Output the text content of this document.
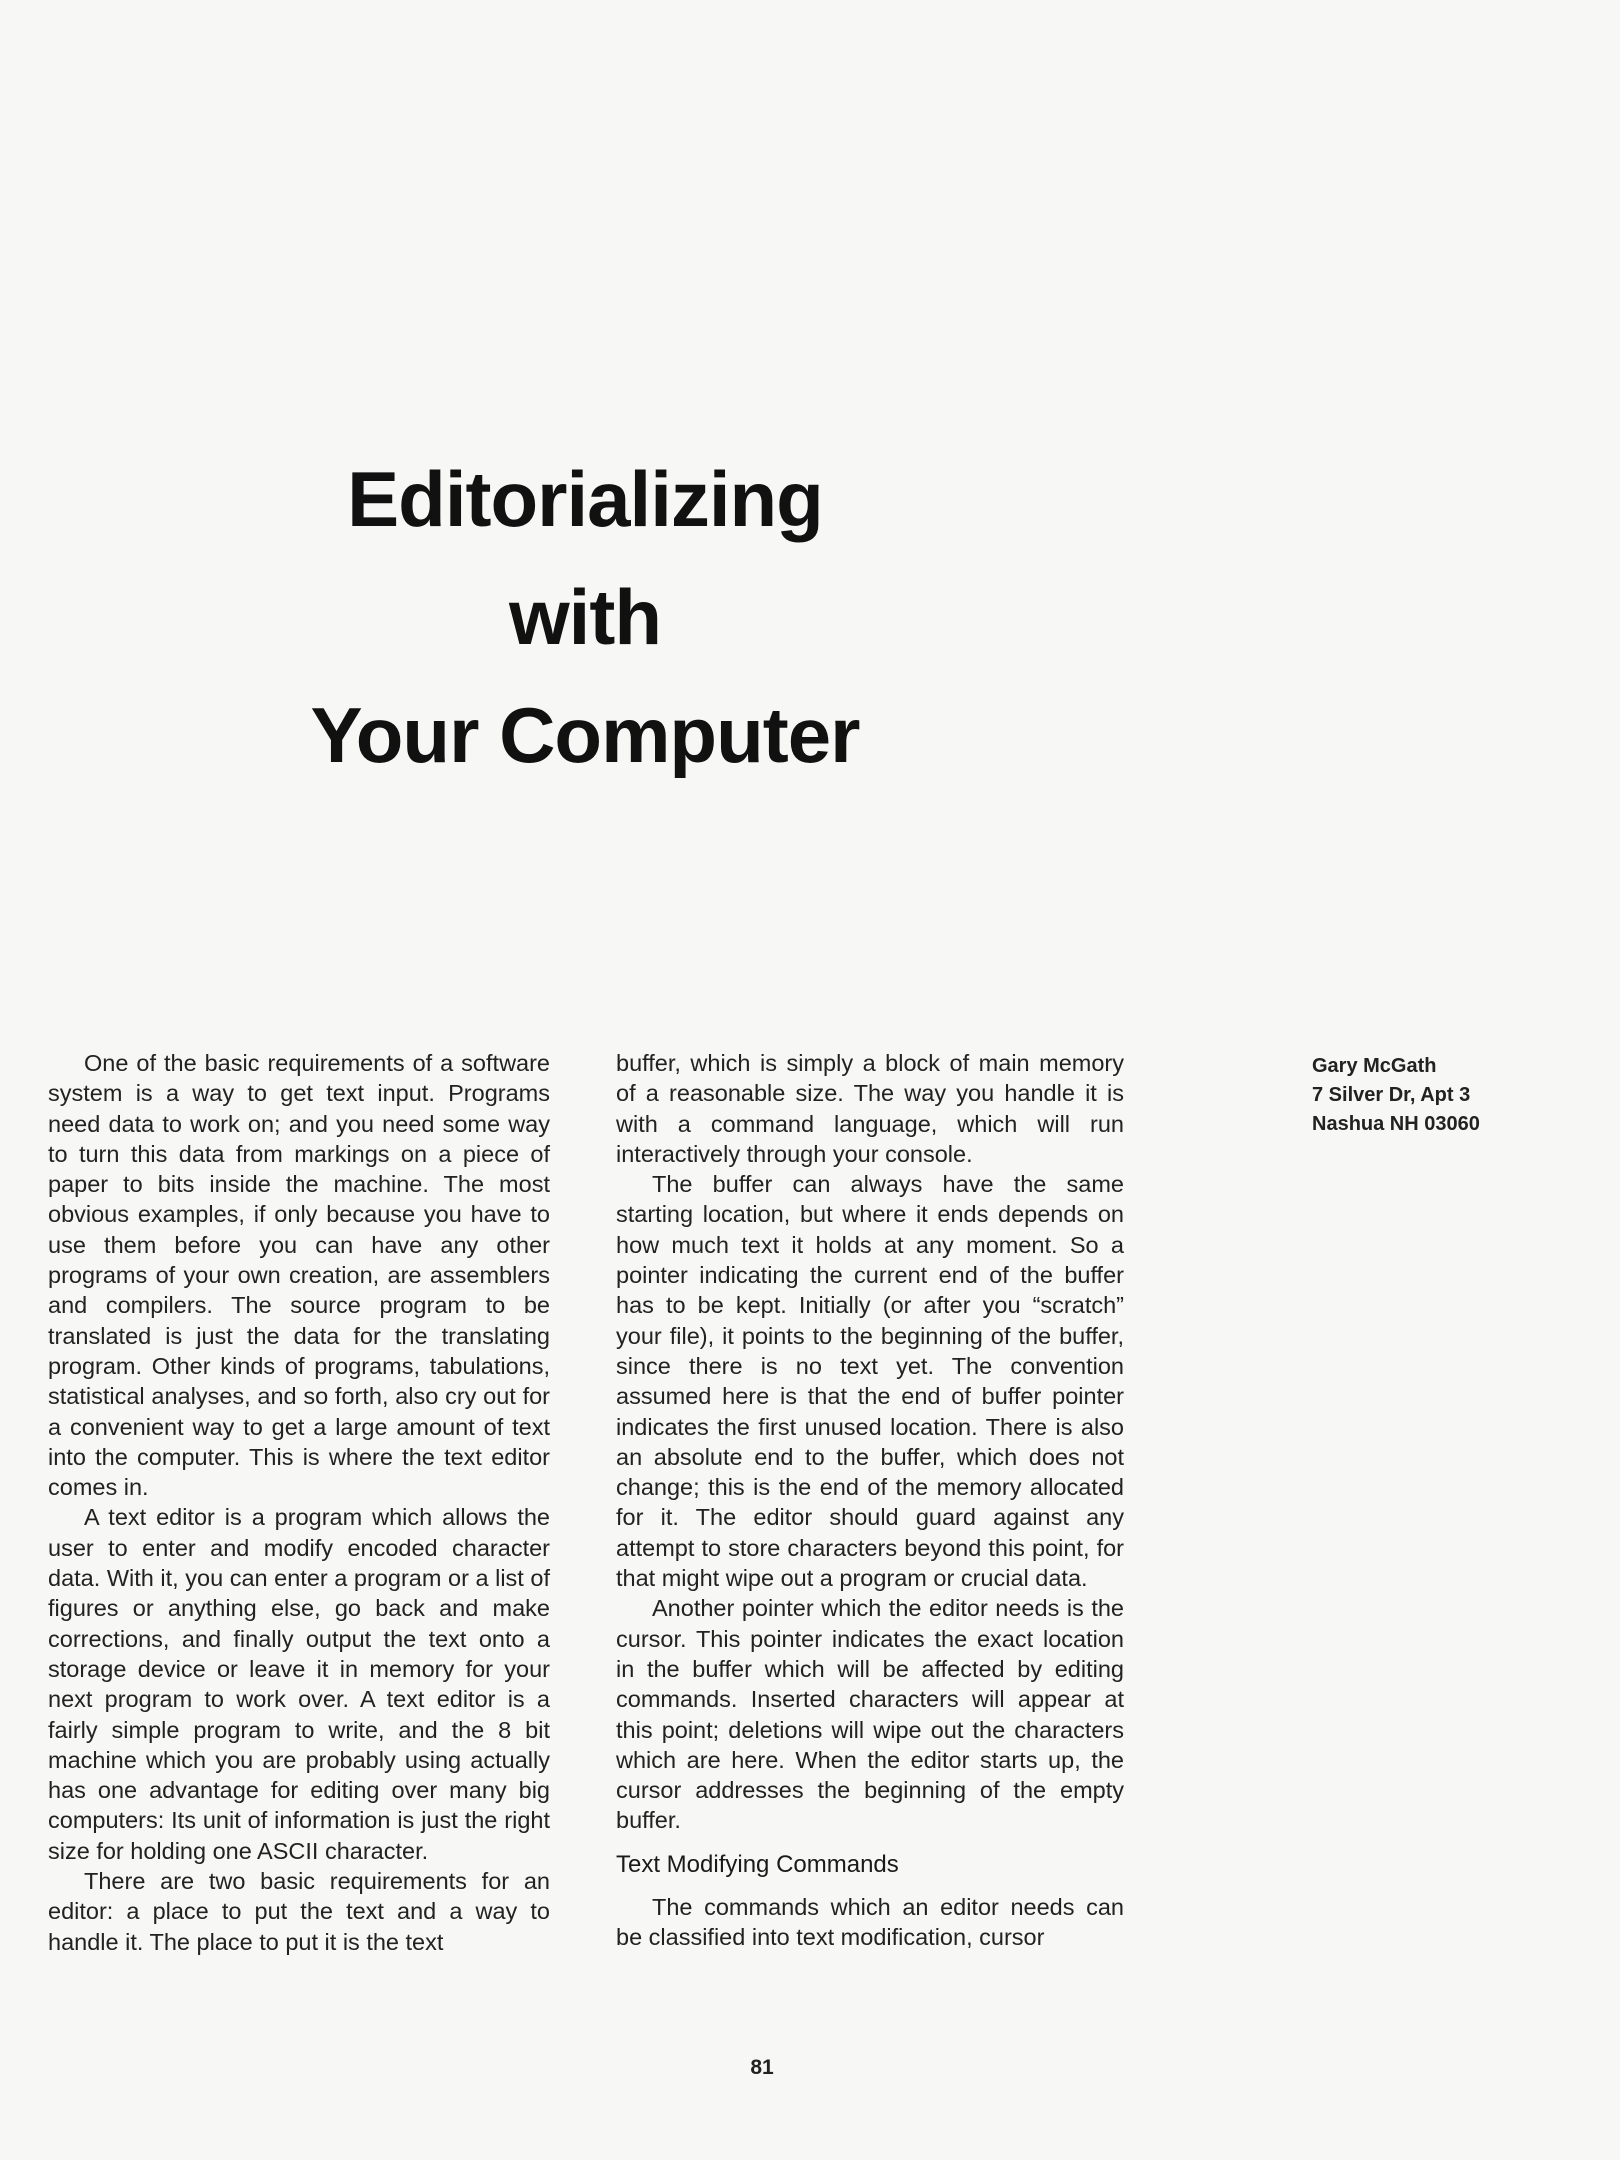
Editorializing
with
Your Computer

One of the basic requirements of a software system is a way to get text input. Programs need data to work on; and you need some way to turn this data from markings on a piece of paper to bits inside the machine. The most obvious examples, if only because you have to use them before you can have any other programs of your own creation, are assemblers and compilers. The source program to be translated is just the data for the translating program. Other kinds of programs, tabulations, statistical analyses, and so forth, also cry out for a convenient way to get a large amount of text into the computer. This is where the text editor comes in.

A text editor is a program which allows the user to enter and modify encoded character data. With it, you can enter a program or a list of figures or anything else, go back and make corrections, and finally output the text onto a storage device or leave it in memory for your next program to work over. A text editor is a fairly simple program to write, and the 8 bit machine which you are probably using actually has one advantage for editing over many big computers: Its unit of information is just the right size for holding one ASCII character.

There are two basic requirements for an editor: a place to put the text and a way to handle it. The place to put it is the text

buffer, which is simply a block of main memory of a reasonable size. The way you handle it is with a command language, which will run interactively through your console.

The buffer can always have the same starting location, but where it ends depends on how much text it holds at any moment. So a pointer indicating the current end of the buffer has to be kept. Initially (or after you “scratch” your file), it points to the beginning of the buffer, since there is no text yet. The convention assumed here is that the end of buffer pointer indicates the first unused location. There is also an absolute end to the buffer, which does not change; this is the end of the memory allocated for it. The editor should guard against any attempt to store characters beyond this point, for that might wipe out a program or crucial data.

Another pointer which the editor needs is the cursor. This pointer indicates the exact location in the buffer which will be affected by editing commands. Inserted characters will appear at this point; deletions will wipe out the characters which are here. When the editor starts up, the cursor addresses the beginning of the empty buffer.

Text Modifying Commands

The commands which an editor needs can be classified into text modification, cursor

Gary McGath
7 Silver Dr, Apt 3
Nashua NH 03060
81
